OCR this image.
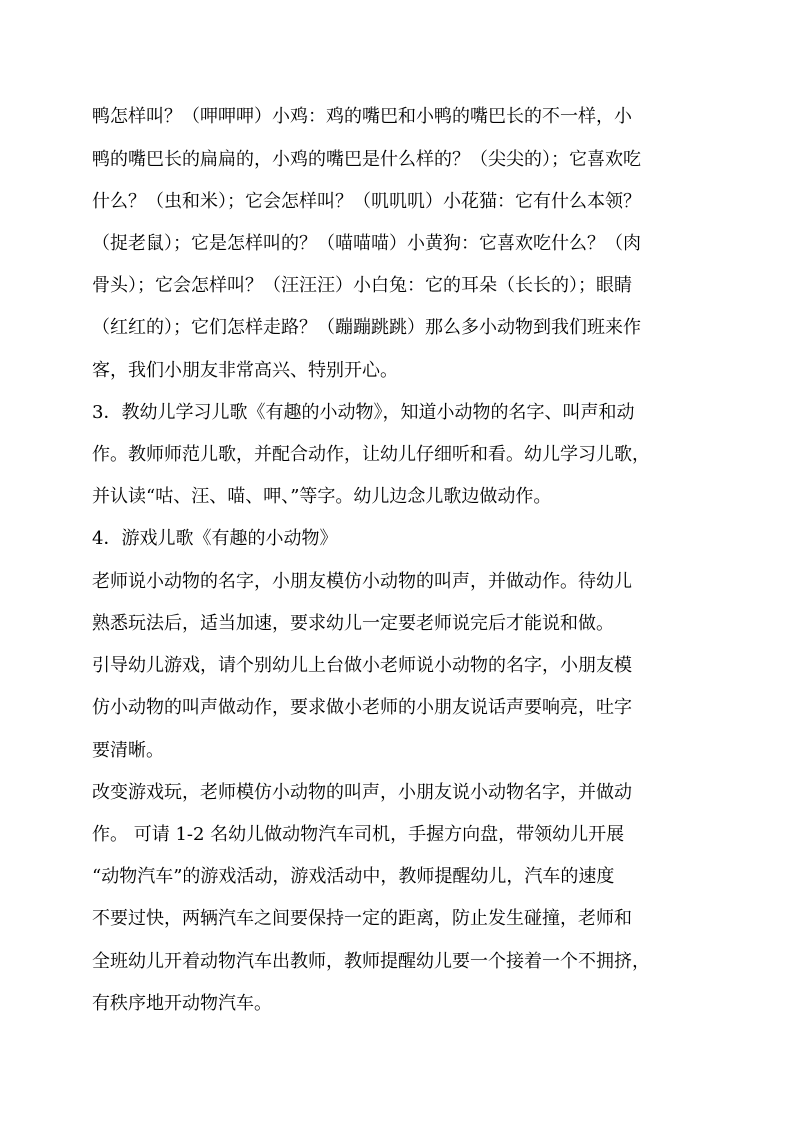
鸭怎样叫？（呷呷呷）小鸡：鸡的嘴巴和小鸭的嘴巴长的不一样，小
鸭的嘴巴长的扁扁的，小鸡的嘴巴是什么样的？（尖尖的）；它喜欢吃
什么？（虫和米）；它会怎样叫？（叽叽叽）小花猫：它有什么本领？
（捉老鼠）；它是怎样叫的？（喵喵喵）小黄狗：它喜欢吃什么？（肉
骨头）；它会怎样叫？（汪汪汪）小白兔：它的耳朵（长长的）；眼睛
（红红的）；它们怎样走路？（蹦蹦跳跳）那么多小动物到我们班来作
客，我们小朋友非常高兴、特别开心。
3．教幼儿学习儿歌《有趣的小动物》，知道小动物的名字、叫声和动
作。教师师范儿歌，并配合动作，让幼儿仔细听和看。幼儿学习儿歌，
并认读“咕、汪、喵、呷、”等字。幼儿边念儿歌边做动作。
4．游戏儿歌《有趣的小动物》
老师说小动物的名字，小朋友模仿小动物的叫声，并做动作。待幼儿
熟悉玩法后，适当加速，要求幼儿一定要老师说完后才能说和做。
引导幼儿游戏，请个别幼儿上台做小老师说小动物的名字，小朋友模
仿小动物的叫声做动作，要求做小老师的小朋友说话声要响亮，吐字
要清晰。
改变游戏玩，老师模仿小动物的叫声，小朋友说小动物名字，并做动
作。 可请 1-2 名幼儿做动物汽车司机，手握方向盘，带领幼儿开展
“动物汽车”的游戏活动，游戏活动中，教师提醒幼儿，汽车的速度
不要过快，两辆汽车之间要保持一定的距离，防止发生碰撞，老师和
全班幼儿开着动物汽车出教师，教师提醒幼儿要一个接着一个不拥挤，
有秩序地开动物汽车。
